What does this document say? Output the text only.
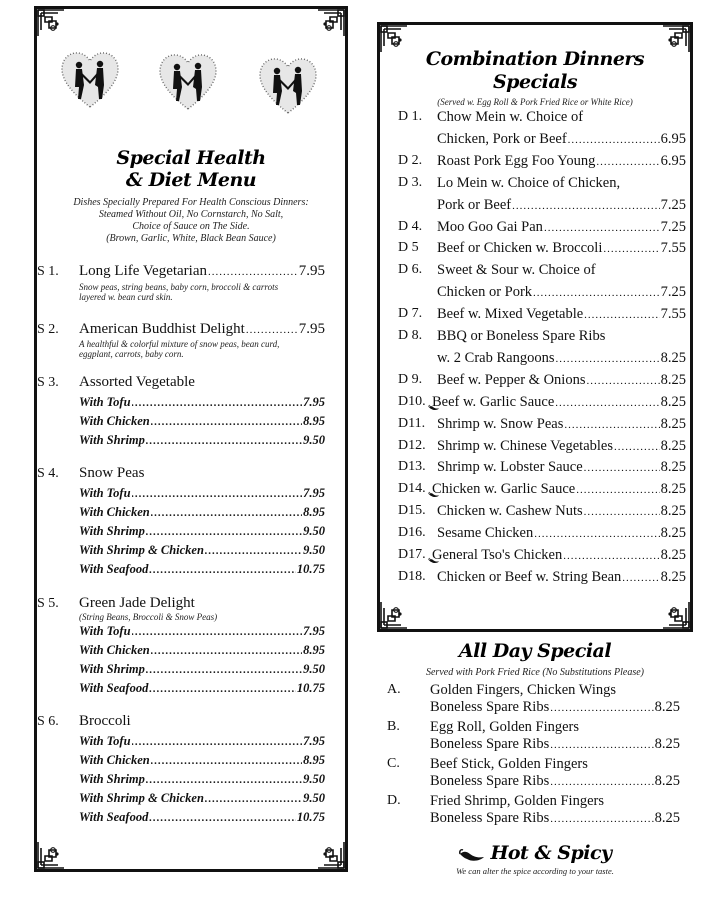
Special Health
& Diet Menu
Dishes Specially Prepared For Health Conscious Dinners:
Steamed Without Oil, No Cornstarch, No Salt,
Choice of Sauce on The Side.
(Brown, Garlic, White, Black Bean Sauce)
S 1. Long Life Vegetarian .....	7.95
Snow peas, string beans, baby corn, broccoli & carrots
layered w. bean curd skin.
S 2. American Buddhist Delight .....	7.95
A healthful & colorful mixture of snow peas, bean curd,
eggplant, carrots, baby corn.
S 3. Assorted Vegetable
With Tofu .....	7.95
With Chicken .....	8.95
With Shrimp .....	9.50
S 4. Snow Peas
With Tofu .....	7.95
With Chicken .....	8.95
With Shrimp .....	9.50
With Shrimp & Chicken .....	9.50
With Seafood .....	10.75
S 5. Green Jade Delight
(String Beans, Broccoli & Snow Peas)
With Tofu .....	7.95
With Chicken .....	8.95
With Shrimp .....	9.50
With Seafood .....	10.75
S 6. Broccoli
With Tofu .....	7.95
With Chicken .....	8.95
With Shrimp .....	9.50
With Shrimp & Chicken .....	9.50
With Seafood .....	10.75
Combination Dinners
Specials
(Served w. Egg Roll & Pork Fried Rice or White Rice)
D 1. Chow Mein w. Choice of
Chicken, Pork or Beef .....	6.95
D 2. Roast Pork Egg Foo Young .....	6.95
D 3. Lo Mein w. Choice of Chicken,
Pork or Beef .....	7.25
D 4. Moo Goo Gai Pan .....	7.25
D 5 Beef or Chicken w. Broccoli .....	7.55
D 6. Sweet & Sour w. Choice of
Chicken or Pork .....	7.25
D 7. Beef w. Mixed Vegetable .....	7.55
D 8. BBQ or Boneless Spare Ribs
w. 2 Crab Rangoons .....	8.25
D 9. Beef w. Pepper & Onions .....	8.25
D10. Beef w. Garlic Sauce .....	8.25
D11. Shrimp w. Snow Peas .....	8.25
D12. Shrimp w. Chinese Vegetables .....	8.25
D13. Shrimp w. Lobster Sauce .....	8.25
D14. Chicken w. Garlic Sauce .....	8.25
D15. Chicken w. Cashew Nuts .....	8.25
D16. Sesame Chicken .....	8.25
D17. General Tso's Chicken .....	8.25
D18. Chicken or Beef w. String Bean .....	8.25
All Day Special
Served with Pork Fried Rice (No Substitutions Please)
A. Golden Fingers, Chicken Wings
Boneless Spare Ribs .....	8.25
B. Egg Roll, Golden Fingers
Boneless Spare Ribs .....	8.25
C. Beef Stick, Golden Fingers
Boneless Spare Ribs .....	8.25
D. Fried Shrimp, Golden Fingers
Boneless Spare Ribs .....	8.25
Hot & Spicy
We can alter the spice according to your taste.
